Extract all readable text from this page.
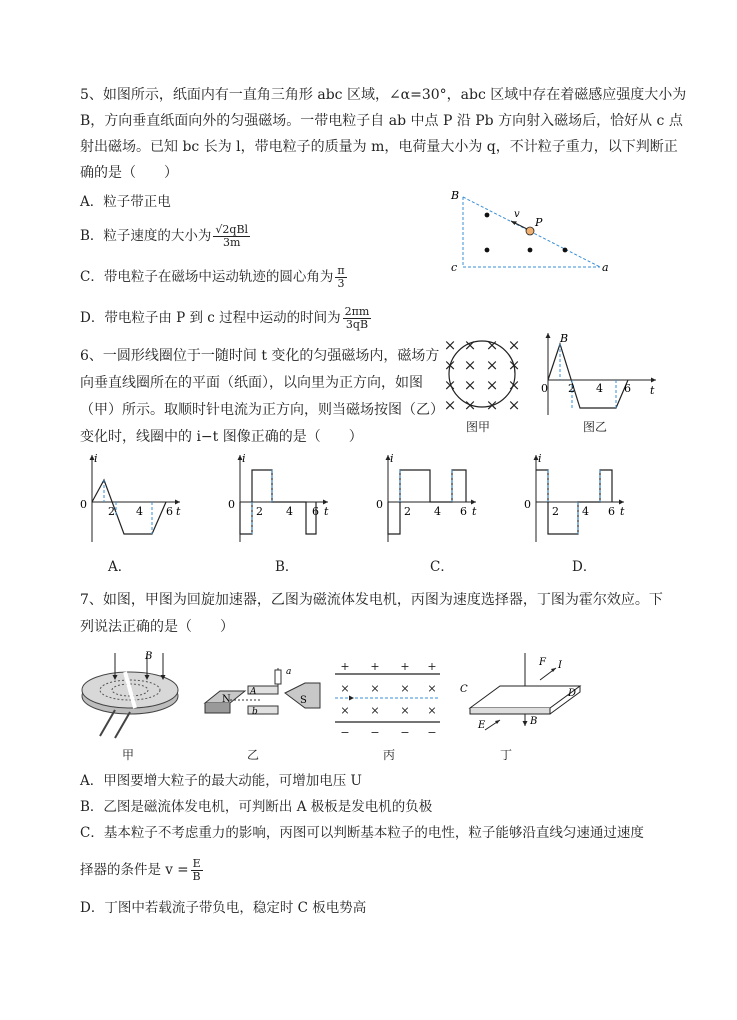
5、如图所示，纸面内有一直角三角形 abc 区域，∠α=30°，abc 区域中存在着磁感应强度大小为
B，方向垂直纸面向外的匀强磁场。一带电粒子自 ab 中点 P 沿 Pb 方向射入磁场后，恰好从 c 点
射出磁场。已知 bc 长为 l，带电粒子的质量为 m，电荷量大小为 q，不计粒子重力，以下判断正
确的是（　　）
A．粒子带正电
B．粒子速度的大小为 $\frac{\text{√2qBl}}{3m}$
C．带电粒子在磁场中运动轨迹的圆心角为 $\frac{\pi}{3}$
D．带电粒子由 P 到 c 过程中运动的时间为 $\frac{2\pi m}{3qB}$
B
c	a
P
v
6、一圆形线圈位于一随时间 t 变化的匀强磁场内，磁场方
向垂直线圈所在的平面（纸面），以向里为正方向，如图
（甲）所示。取顺时针电流为正方向，则当磁场按图（乙）
变化时，线圈中的 i−t 图像正确的是（　　）
× × × ×
× × × ×
× × × ×
× × × ×
图甲
B
t
0 2 4 6
图乙
i
0
2 4 6 t
i
0
2 4 6 t
i
0
2 4 6 t
i
0
2 4 6 t
A．	B．	C．	D．
7、如图，甲图为回旋加速器，乙图为磁流体发电机，丙图为速度选择器，丁图为霍尔效应。下
列说法正确的是（　　）
B
N
A
b
S
a	+ + + +
× × × ×
× × × ×
− − − −
F I
C	D
E	B
甲	乙	丙	丁
A．甲图要增大粒子的最大动能，可增加电压 U
B．乙图是磁流体发电机，可判断出 A 极板是发电机的负极
C．基本粒子不考虑重力的影响，丙图可以判断基本粒子的电性，粒子能够沿直线匀速通过速度
择器的条件是 $v = \frac{E}{B}$
D．丁图中若载流子带负电，稳定时 C 板电势高
